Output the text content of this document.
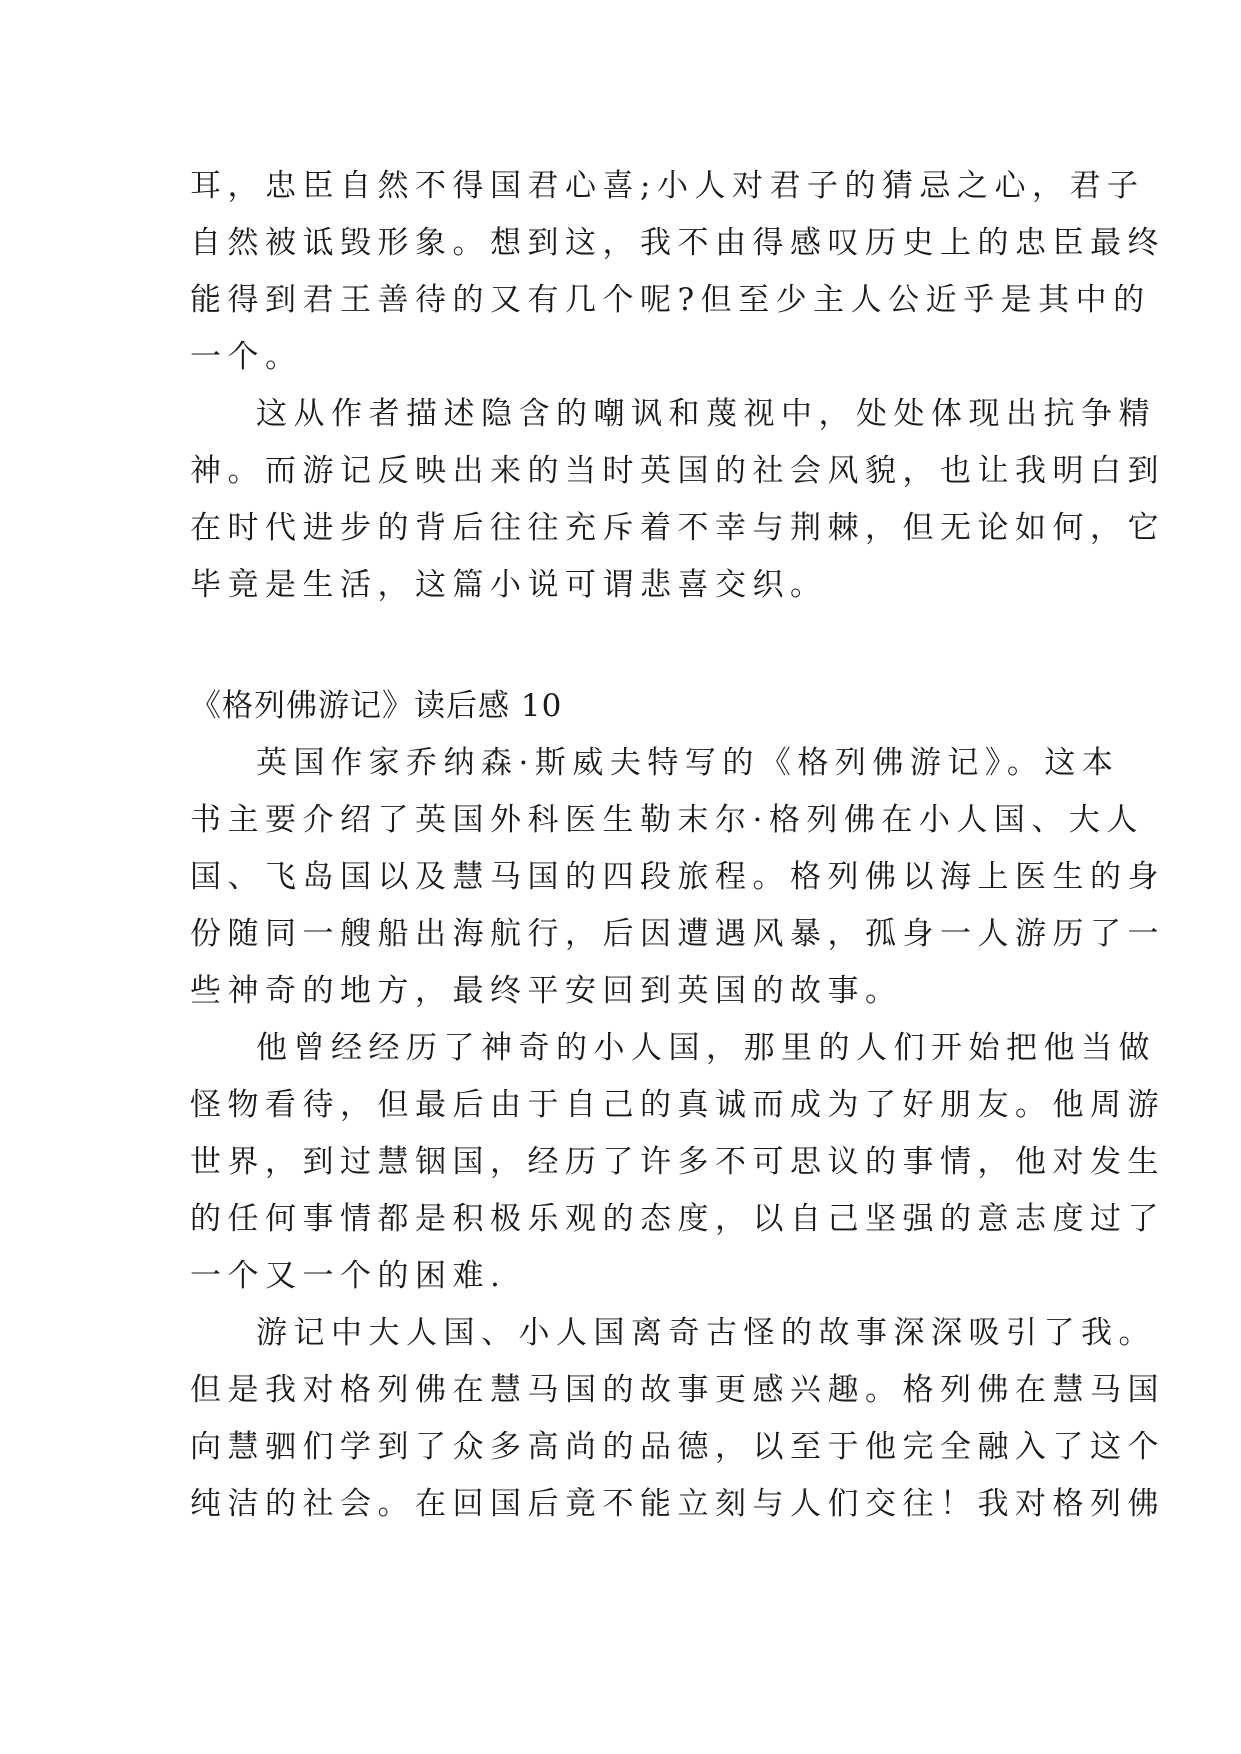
耳，忠臣自然不得国君心喜;小人对君子的猜忌之心，君子
自然被诋毁形象。想到这，我不由得感叹历史上的忠臣最终
能得到君王善待的又有几个呢?但至少主人公近乎是其中的
一个。
这从作者描述隐含的嘲讽和蔑视中，处处体现出抗争精
神。而游记反映出来的当时英国的社会风貌，也让我明白到
在时代进步的背后往往充斥着不幸与荆棘，但无论如何，它
毕竟是生活，这篇小说可谓悲喜交织。
《格列佛游记》读后感 10
英国作家乔纳森·斯威夫特写的《格列佛游记》。这本
书主要介绍了英国外科医生勒末尔·格列佛在小人国、大人
国、飞岛国以及慧马国的四段旅程。格列佛以海上医生的身
份随同一艘船出海航行，后因遭遇风暴，孤身一人游历了一
些神奇的地方，最终平安回到英国的故事。
他曾经经历了神奇的小人国，那里的人们开始把他当做
怪物看待，但最后由于自己的真诚而成为了好朋友。他周游
世界，到过慧铟国，经历了许多不可思议的事情，他对发生
的任何事情都是积极乐观的态度，以自己坚强的意志度过了
一个又一个的困难.
游记中大人国、小人国离奇古怪的故事深深吸引了我。
但是我对格列佛在慧马国的故事更感兴趣。格列佛在慧马国
向慧驷们学到了众多高尚的品德，以至于他完全融入了这个
纯洁的社会。在回国后竟不能立刻与人们交往！我对格列佛
